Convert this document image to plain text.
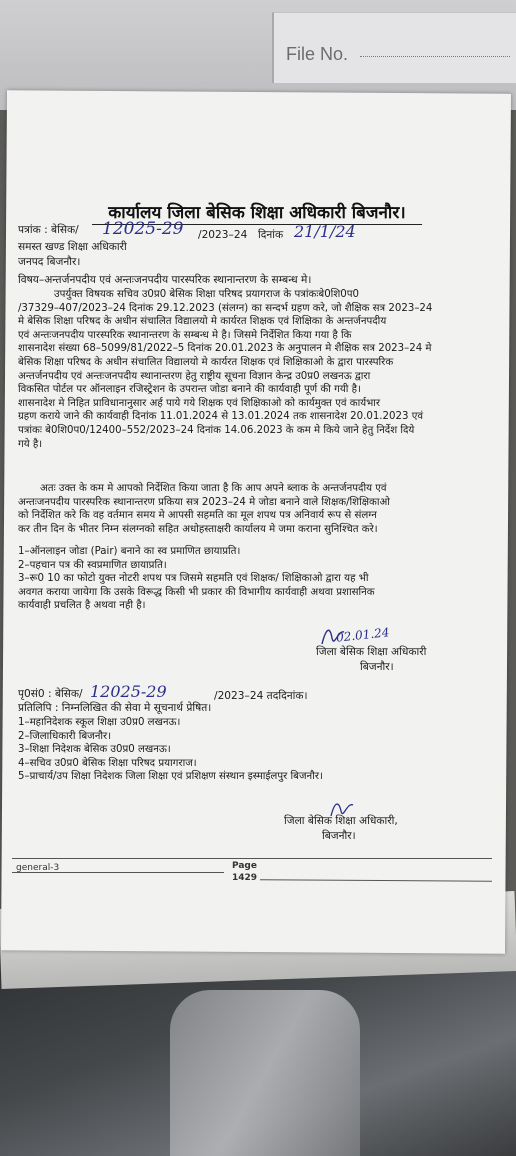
File No.
कार्यालय जिला बेसिक शिक्षा अधिकारी बिजनौर।
पत्रांक : बेसिक/ 12025-29 /2023–24 दिनांक 21/1/24
समस्त खण्ड शिक्षा अधिकारी
जनपद बिजनौर।
विषय–अन्तर्जनपदीय एवं अन्तःजनपदीय पारस्परिक स्थानान्तरण के सम्बन्ध मे।
उपर्युक्त विषयक सचिव उ0प्र0 बेसिक शिक्षा परिषद प्रयागराज के पत्रांकःबे0शि0प0
/37329–407/2023–24 दिनांक 29.12.2023 (संलग्न) का सन्दर्भ ग्रहण करे, जो शैक्षिक सत्र 2023–24
मे बेसिक शिक्षा परिषद के अधीन संचालित विद्यालयो मे कार्यरत शिक्षक एवं शिक्षिका के अन्तर्जनपदीय
एवं अन्तःजनपदीय पारस्परिक स्थानान्तरण के सम्बन्ध मे है। जिसमे निर्देशित किया गया है कि
शासनादेश संख्या 68–5099/81/2022–5 दिनांक 20.01.2023 के अनुपालन मे शैक्षिक सत्र 2023–24 मे
बेसिक शिक्षा परिषद के अधीन संचालित विद्यालयो मे कार्यरत शिक्षक एवं शिक्षिकाओ के द्वारा पारस्परिक
अन्तर्जनपदीय एवं अन्तःजनपदीय स्थानान्तरण हेतु राष्ट्रीय सूचना विज्ञान केन्द्र उ0प्र0 लखनऊ द्वारा
विकसित पोर्टल पर ऑनलाइन रजिस्ट्रेशन के उपरान्त जोडा बनाने की कार्यवाही पूर्ण की गयी है।
शासनादेश मे निहित प्राविधानानुसार अर्ह पाये गये शिक्षक एवं शिक्षिकाओ को कार्यमुक्त एवं कार्यभार
ग्रहण कराये जाने की कार्यवाही दिनांक 11.01.2024 से 13.01.2024 तक शासनादेश 20.01.2023 एवं
पत्रांकः बे0शि0प0/12400–552/2023–24 दिनांक 14.06.2023 के कम मे किये जाने हेतु निर्देश दिये
गये है।
अतः उक्त के कम मे आपको निर्देशित किया जाता है कि आप अपने ब्लाक के अन्तर्जनपदीय एवं
अन्तःजनपदीय पारस्परिक स्थानान्तरण प्रकिया सत्र 2023–24 मे जोडा बनाने वाले शिक्षक/शिक्षिकाओ
को निर्देशित करे कि वह वर्तमान समय मे आपसी सहमति का मूल शपथ पत्र अनिवार्य रूप से संलग्न
कर तीन दिन के भीतर निम्न संलग्नको सहित अधोहस्ताक्षरी कार्यालय मे जमा कराना सुनिश्चित करे।
1–ऑनलाइन जोडा (Pair) बनाने का स्व प्रमाणित छायाप्रति।
2–पहचान पत्र की स्वप्रमाणित छायाप्रति।
3–रू0 10 का फोटो युक्त नोटरी शपथ पत्र जिसमे सहमति एवं शिक्षक/ शिक्षिकाओ द्वारा यह भी
अवगत कराया जायेगा कि उसके विरूद्ध किसी भी प्रकार की विभागीय कार्यवाही अथवा प्रशासनिक
कार्यवाही प्रचलित है अथवा नही है।
02.01.24
जिला बेसिक शिक्षा अधिकारी
बिजनौर।
पृ0सं0 : बेसिक/ 12025-29	/2023–24 तददिनांक।
प्रतिलिपि : निम्नलिखित की सेवा मे सूचनार्थ प्रेषित।
1–महानिदेशक स्कूल शिक्षा उ0प्र0 लखनऊ।
2–जिलाधिकारी बिजनौर।
3–शिक्षा निदेशक बेसिक उ0प्र0 लखनऊ।
4–सचिव उ0प्र0 बेसिक शिक्षा परिषद प्रयागराज।
5–प्राचार्य/उप शिक्षा निदेशक जिला शिक्षा एवं प्रशिक्षण संस्थान इस्माईलपुर बिजनौर।
जिला बेसिक शिक्षा अधिकारी,
बिजनौर।
general-3	Page
1429
